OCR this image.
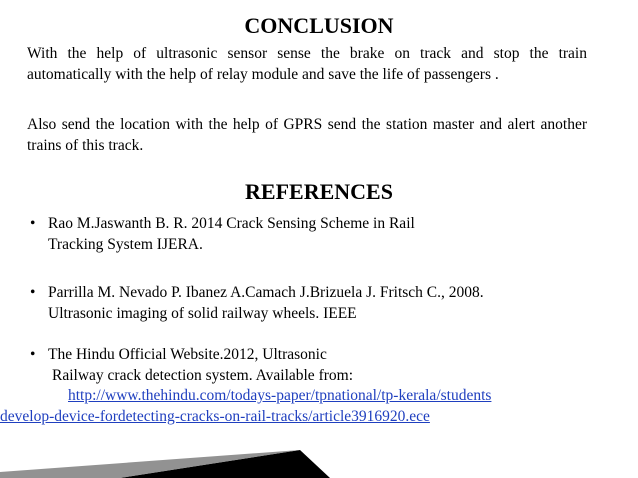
CONCLUSION
With the help of ultrasonic sensor sense the brake on track and stop the train automatically with the help of relay module and save the life of passengers .
Also send the location with the help of GPRS send the station master and alert another trains of this track.
REFERENCES
• Rao M.Jaswanth B. R. 2014 Crack Sensing Scheme in Rail
Tracking System IJERA.
• Parrilla M. Nevado P. Ibanez A.Camach J.Brizuela J. Fritsch C., 2008.
Ultrasonic imaging of solid railway wheels. IEEE
• The Hindu Official Website.2012, Ultrasonic
Railway crack detection system. Available from:
http://www.thehindu.com/todays-paper/tpnational/tp-kerala/students
develop-device-fordetecting-cracks-on-rail-tracks/article3916920.ece
